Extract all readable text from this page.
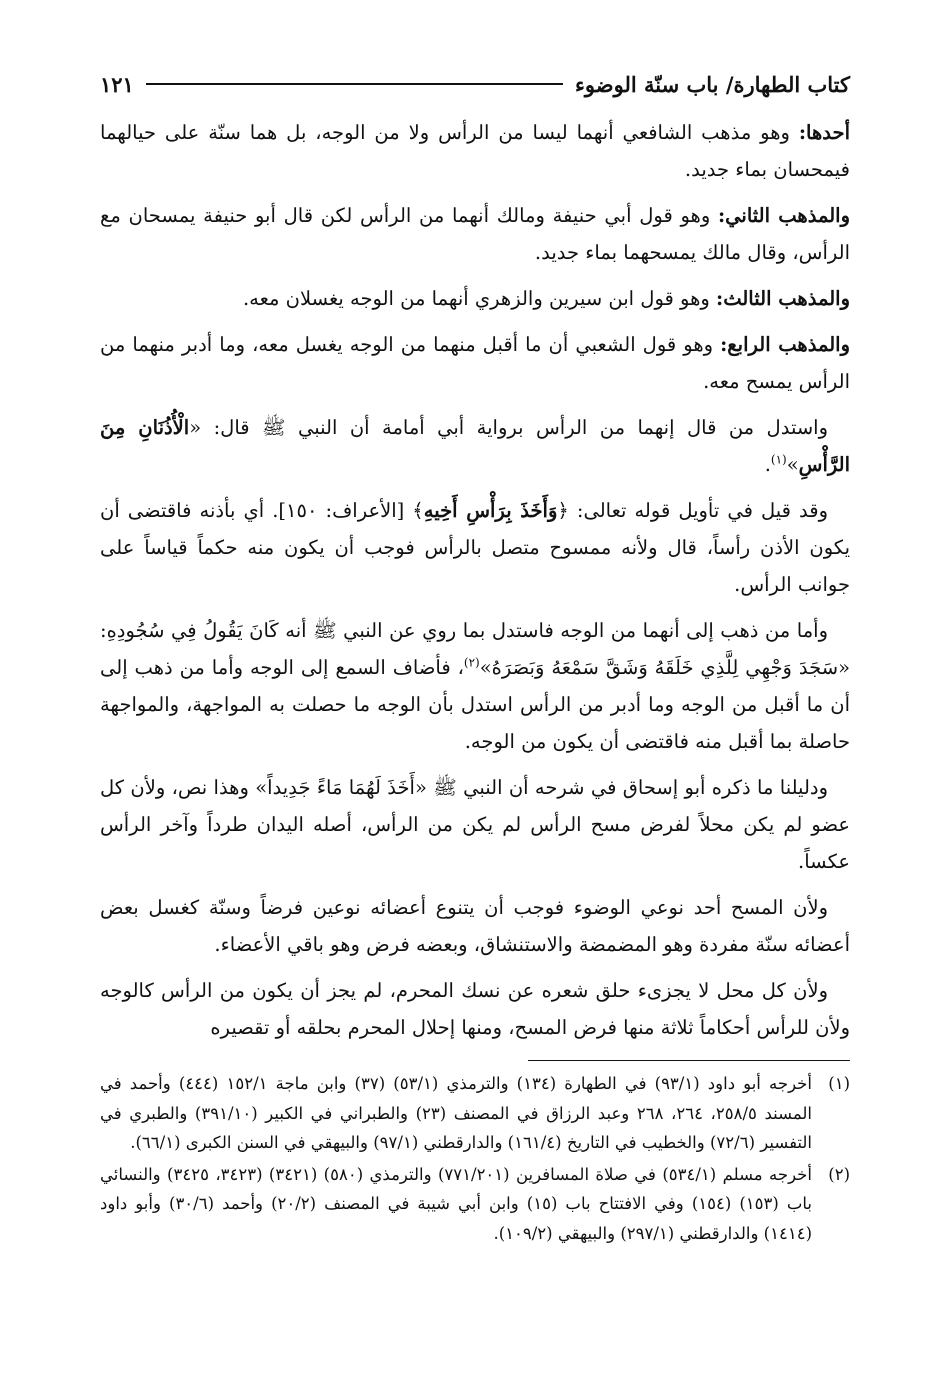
كتاب الطهارة/ باب سنّة الوضوء
١٢١

أحدها: وهو مذهب الشافعي أنهما ليسا من الرأس ولا من الوجه، بل هما سنّة على حيالهما فيمحسان بماء جديد.

والمذهب الثاني: وهو قول أبي حنيفة ومالك أنهما من الرأس لكن قال أبو حنيفة يمسحان مع الرأس، وقال مالك يمسحهما بماء جديد.

والمذهب الثالث: وهو قول ابن سيرين والزهري أنهما من الوجه يغسلان معه.

والمذهب الرابع: وهو قول الشعبي أن ما أقبل منهما من الوجه يغسل معه، وما أدبر منهما من الرأس يمسح معه.

واستدل من قال إنهما من الرأس برواية أبي أمامة أن النبي ﷺ قال: «الْأُذُنَانِ مِنَ الرَّأْسِ»$^{(١)}$.

وقد قيل في تأويل قوله تعالى: ﴿وَأَخَذَ بِرَأْسِ أَخِيهِ﴾ [الأعراف: ١٥٠]. أي بأذنه فاقتضى أن يكون الأذن رأساً، قال ولأنه ممسوح متصل بالرأس فوجب أن يكون منه حكماً قياساً على جوانب الرأس.

وأما من ذهب إلى أنهما من الوجه فاستدل بما روي عن النبي ﷺ أنه كَانَ يَقُولُ فِي سُجُودِهِ: «سَجَدَ وَجْهِي لِلَّذِي خَلَقَهُ وَشَقَّ سَمْعَهُ وَبَصَرَهُ»$^{(٢)}$، فأضاف السمع إلى الوجه وأما من ذهب إلى أن ما أقبل من الوجه وما أدبر من الرأس استدل بأن الوجه ما حصلت به المواجهة، والمواجهة حاصلة بما أقبل منه فاقتضى أن يكون من الوجه.

ودليلنا ما ذكره أبو إسحاق في شرحه أن النبي ﷺ «أَخَذَ لَهُمَا مَاءً جَدِيداً» وهذا نص، ولأن كل عضو لم يكن محلاً لفرض مسح الرأس لم يكن من الرأس، أصله اليدان طرداً وآخر الرأس عكساً.

ولأن المسح أحد نوعي الوضوء فوجب أن يتنوع أعضائه نوعين فرضاً وسنّة كغسل بعض أعضائه سنّة مفردة وهو المضمضة والاستنشاق، وبعضه فرض وهو باقي الأعضاء.

ولأن كل محل لا يجزىء حلق شعره عن نسك المحرم، لم يجز أن يكون من الرأس كالوجه ولأن للرأس أحكاماً ثلاثة منها فرض المسح، ومنها إحلال المحرم بحلقه أو تقصيره

(١)
أخرجه أبو داود (٩٣/١) في الطهارة (١٣٤) والترمذي (٥٣/١) (٣٧) وابن ماجة ١٥٢/١ (٤٤٤) وأحمد في المسند ٢٥٨/٥، ٢٦٤، ٢٦٨ وعبد الرزاق في المصنف (٢٣) والطبراني في الكبير (٣٩١/١٠) والطبري في التفسير (٧٢/٦) والخطيب في التاريخ (١٦١/٤) والدارقطني (٩٧/١) والبيهقي في السنن الكبرى (٦٦/١).
(٢)
أخرجه مسلم (٥٣٤/١) في صلاة المسافرين (٧٧١/٢٠١) والترمذي (٥٨٠) (٣٤٢١) (٣٤٢٣، ٣٤٢٥) والنسائي باب (١٥٣) (١٥٤) وفي الافتتاح باب (١٥) وابن أبي شيبة في المصنف (٢٠/٢) وأحمد (٣٠/٦) وأبو داود (١٤١٤) والدارقطني (٢٩٧/١) والبيهقي (١٠٩/٢).
